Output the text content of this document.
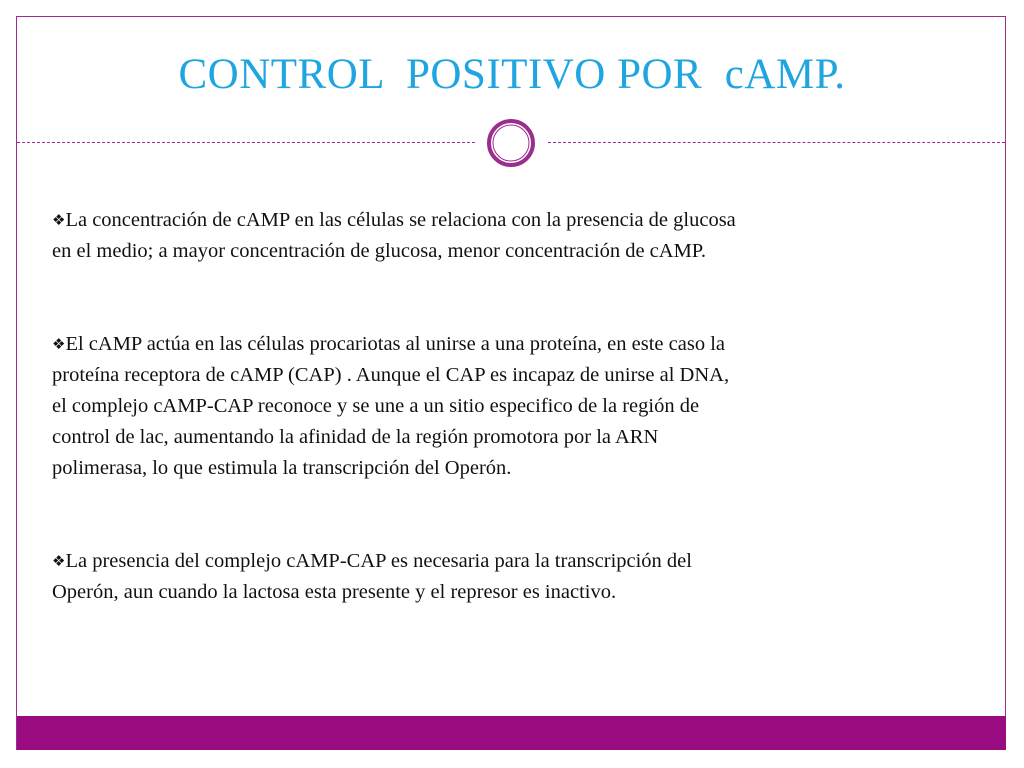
CONTROL  POSITIVO POR  cAMP.

❖La concentración de cAMP en las células se relaciona con la presencia de glucosa
en el medio; a mayor concentración de glucosa, menor concentración de cAMP.

❖El cAMP actúa en las células procariotas al unirse a una proteína, en este caso la
proteína receptora de cAMP (CAP) . Aunque el CAP es incapaz de unirse al DNA,
el complejo cAMP-CAP reconoce y se une a un sitio especifico de la región de
control de lac, aumentando la afinidad de la región promotora por la ARN
polimerasa, lo que estimula la transcripción del Operón.

❖La presencia del complejo cAMP-CAP es necesaria para la transcripción del
Operón, aun cuando la lactosa esta presente y el represor es inactivo.
